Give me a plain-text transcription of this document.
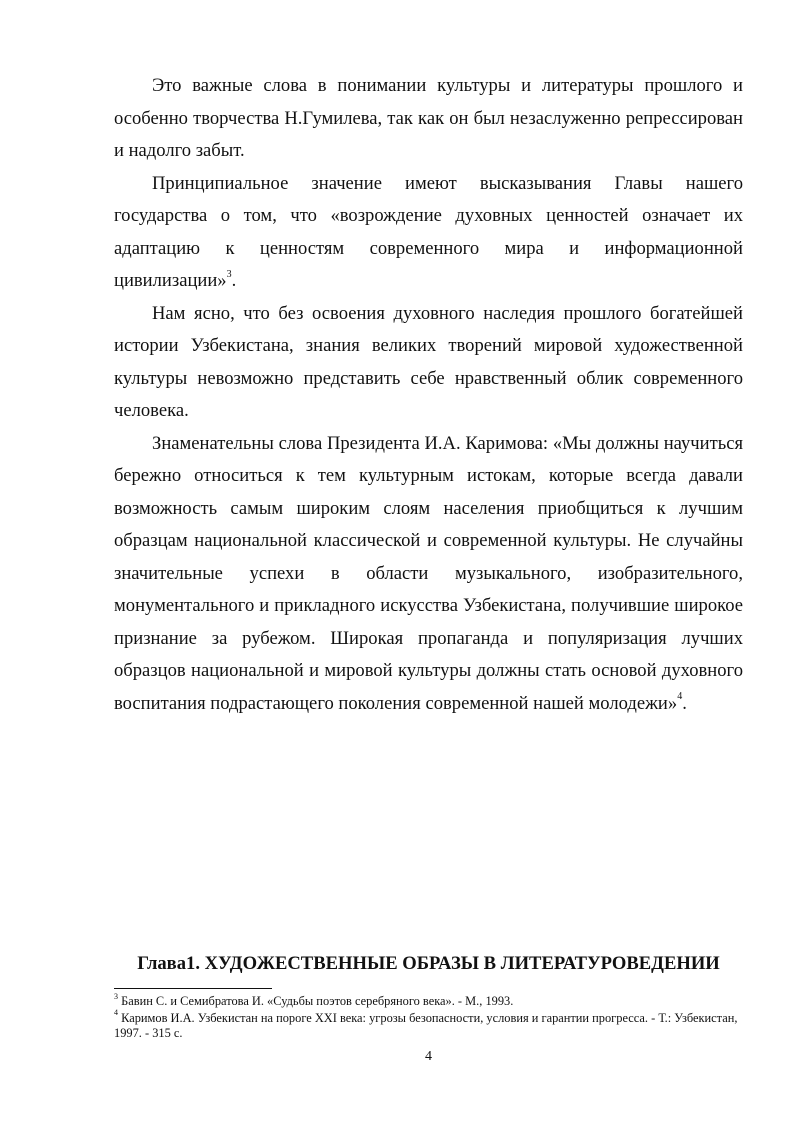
Это важные слова в понимании культуры и литературы прошлого и особенно творчества Н.Гумилева, так как он был незаслуженно репрессирован и надолго забыт.

Принципиальное значение имеют высказывания Главы нашего государства о том, что «возрождение духовных ценностей означает их адаптацию к ценностям современного мира и информационной цивилизации»$^3$.

Нам ясно, что без освоения духовного наследия прошлого богатейшей истории Узбекистана, знания великих творений мировой художественной культуры невозможно представить себе нравственный облик современного человека.

Знаменательны слова Президента И.А. Каримова: «Мы должны научиться бережно относиться к тем культурным истокам, которые всегда давали возможность самым широким слоям населения приобщиться к лучшим образцам национальной классической и современной культуры. Не случайны значительные успехи в области музыкального, изобразительного, монументального и прикладного искусства Узбекистана, получившие широкое признание за рубежом. Широкая пропаганда и популяризация лучших образцов национальной и мировой культуры должны стать основой духовного воспитания подрастающего поколения современной нашей молодежи»$^4$.

Глава1. ХУДОЖЕСТВЕННЫЕ ОБРАЗЫ В ЛИТЕРАТУРОВЕДЕНИИ

$^3$ Бавин С. и Семибратова И. «Судьбы поэтов серебряного века». - М., 1993.

$^4$ Каримов И.А. Узбекистан на пороге XXI века: угрозы безопасности, условия и гарантии прогресса. - Т.: Узбекистан, 1997. - 315 с.

4
